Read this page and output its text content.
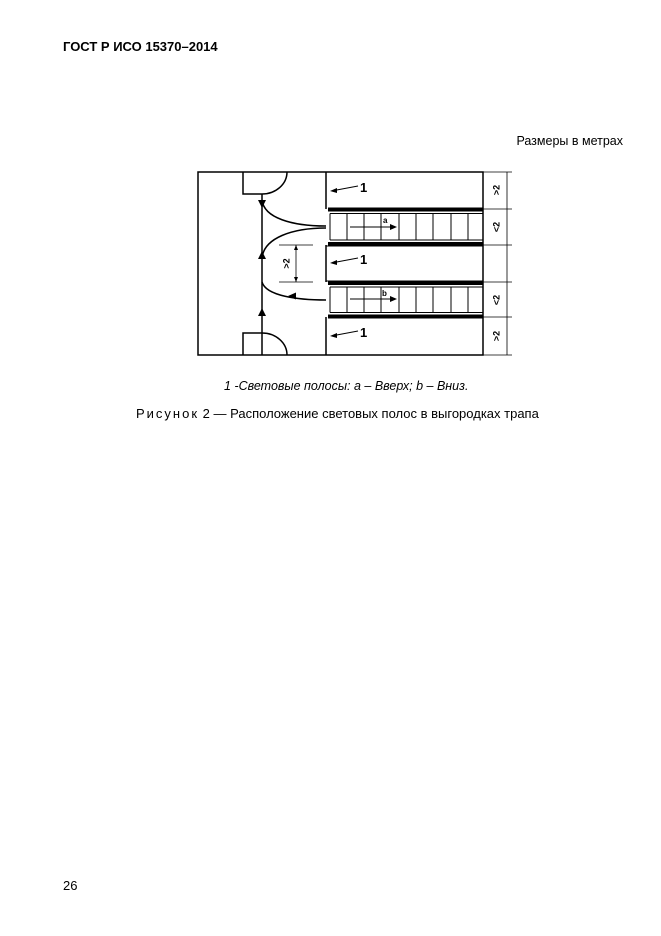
ГОСТ Р ИСО 15370–2014
Размеры в метрах
1
1
1
a
b
>2
>2
<2
<2
>2
1 -Световые полосы: a – Вверх; b – Вниз.
Рисунок 2 — Расположение световых полос в выгородках трапа
26
